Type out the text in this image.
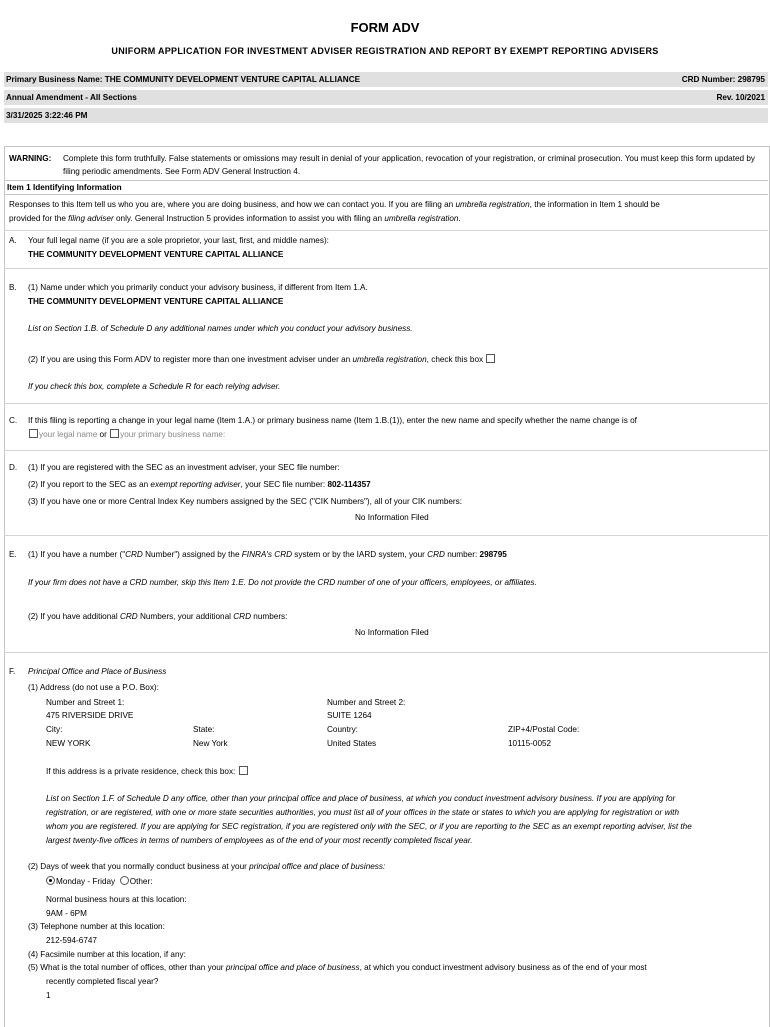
FORM ADV
UNIFORM APPLICATION FOR INVESTMENT ADVISER REGISTRATION AND REPORT BY EXEMPT REPORTING ADVISERS
Primary Business Name: THE COMMUNITY DEVELOPMENT VENTURE CAPITAL ALLIANCE	CRD Number: 298795
Annual Amendment - All Sections	Rev. 10/2021
3/31/2025 3:22:46 PM
WARNING: Complete this form truthfully. False statements or omissions may result in denial of your application, revocation of your registration, or criminal prosecution. You must keep this form updated by filing periodic amendments. See Form ADV General Instruction 4.
Item 1 Identifying Information
Responses to this Item tell us who you are, where you are doing business, and how we can contact you. If you are filing an umbrella registration, the information in Item 1 should be
provided for the filing adviser only. General Instruction 5 provides information to assist you with filing an umbrella registration.
A. Your full legal name (if you are a sole proprietor, your last, first, and middle names):
THE COMMUNITY DEVELOPMENT VENTURE CAPITAL ALLIANCE
B. (1) Name under which you primarily conduct your advisory business, if different from Item 1.A.
THE COMMUNITY DEVELOPMENT VENTURE CAPITAL ALLIANCE
List on Section 1.B. of Schedule D any additional names under which you conduct your advisory business.
(2) If you are using this Form ADV to register more than one investment adviser under an umbrella registration, check this box
If you check this box, complete a Schedule R for each relying adviser.
C. If this filing is reporting a change in your legal name (Item 1.A.) or primary business name (Item 1.B.(1)), enter the new name and specify whether the name change is of
your legal name or your primary business name:
D. (1) If you are registered with the SEC as an investment adviser, your SEC file number:
(2) If you report to the SEC as an exempt reporting adviser, your SEC file number: 802-114357
(3) If you have one or more Central Index Key numbers assigned by the SEC ("CIK Numbers"), all of your CIK numbers:
No Information Filed
E. (1) If you have a number ("CRD Number") assigned by the FINRA's CRD system or by the IARD system, your CRD number: 298795
If your firm does not have a CRD number, skip this Item 1.E. Do not provide the CRD number of one of your officers, employees, or affiliates.
(2) If you have additional CRD Numbers, your additional CRD numbers:
No Information Filed
F. Principal Office and Place of Business
(1) Address (do not use a P.O. Box):
Number and Street 1:	Number and Street 2:
475 RIVERSIDE DRIVE	SUITE 1264
City:	State:	Country:	ZIP+4/Postal Code:
NEW YORK	New York	United States	10115-0052
If this address is a private residence, check this box:
List on Section 1.F. of Schedule D any office, other than your principal office and place of business, at which you conduct investment advisory business. If you are applying for
registration, or are registered, with one or more state securities authorities, you must list all of your offices in the state or states to which you are applying for registration or with
whom you are registered. If you are applying for SEC registration, if you are registered only with the SEC, or if you are reporting to the SEC as an exempt reporting adviser, list the
largest twenty-five offices in terms of numbers of employees as of the end of your most recently completed fiscal year.
(2) Days of week that you normally conduct business at your principal office and place of business:
Monday - Friday Other:
Normal business hours at this location:
9AM - 6PM
(3) Telephone number at this location:
212-594-6747
(4) Facsimile number at this location, if any:
(5) What is the total number of offices, other than your principal office and place of business, at which you conduct investment advisory business as of the end of your most
recently completed fiscal year?
1
